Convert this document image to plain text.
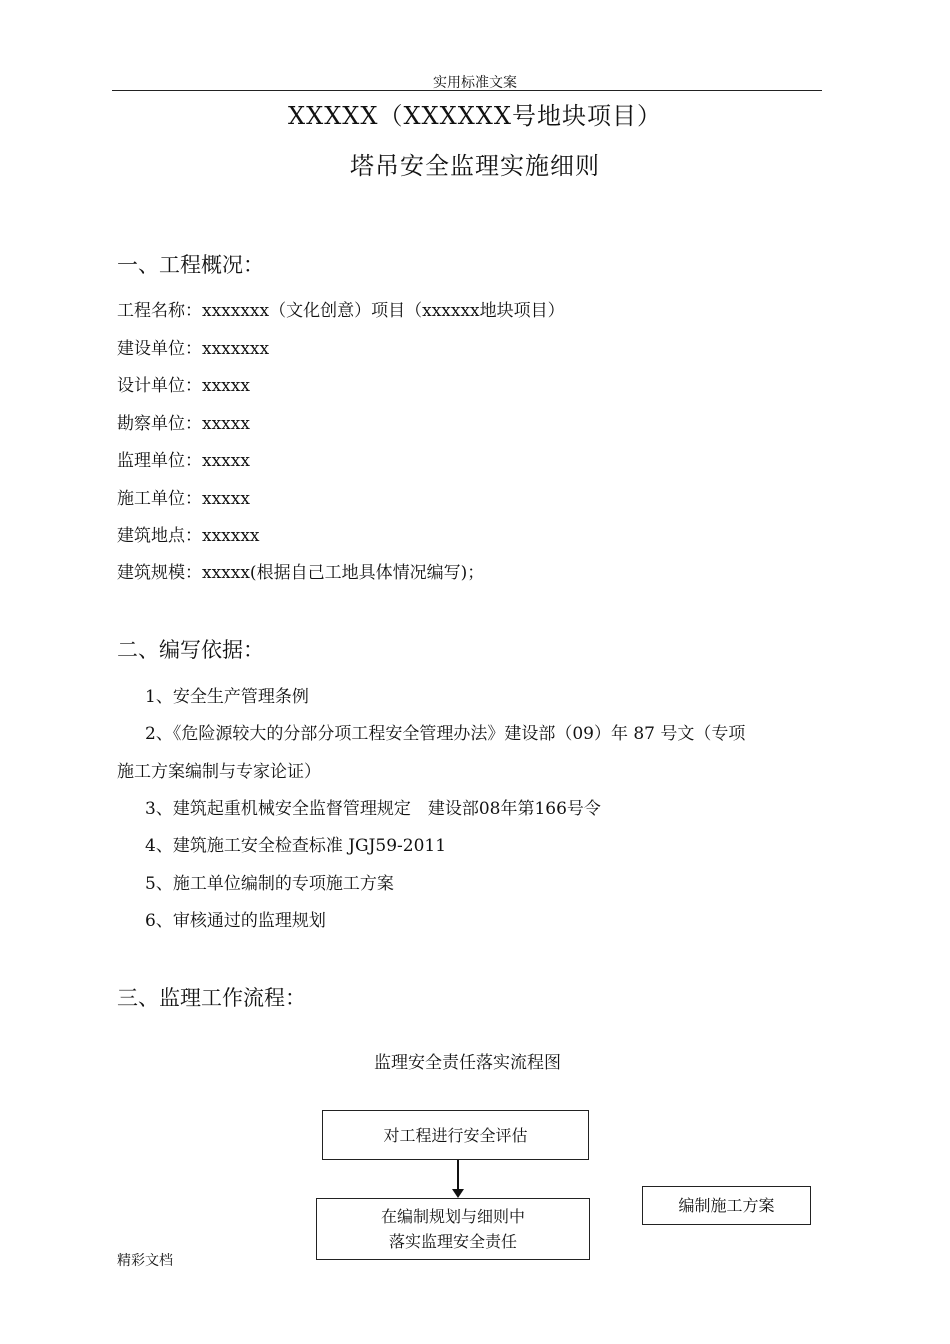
实用标准文案
XXXXX（XXXXXX号地块项目）
塔吊安全监理实施细则
一、工程概况：
工程名称：xxxxxxx（文化创意）项目（xxxxxx地块项目）
建设单位：xxxxxxx
设计单位：xxxxx
勘察单位：xxxxx
监理单位：xxxxx
施工单位：xxxxx
建筑地点：xxxxxx
建筑规模：xxxxx(根据自己工地具体情况编写)；
二、编写依据：
1、安全生产管理条例
2、《危险源较大的分部分项工程安全管理办法》建设部（09）年 87 号文（专项
施工方案编制与专家论证）
3、建筑起重机械安全监督管理规定　建设部08年第166号令
4、建筑施工安全检查标准 JGJ59-2011
5、施工单位编制的专项施工方案
6、审核通过的监理规划
三、监理工作流程：
监理安全责任落实流程图
对工程进行安全评估
在编制规划与细则中
落实监理安全责任
编制施工方案
精彩文档
